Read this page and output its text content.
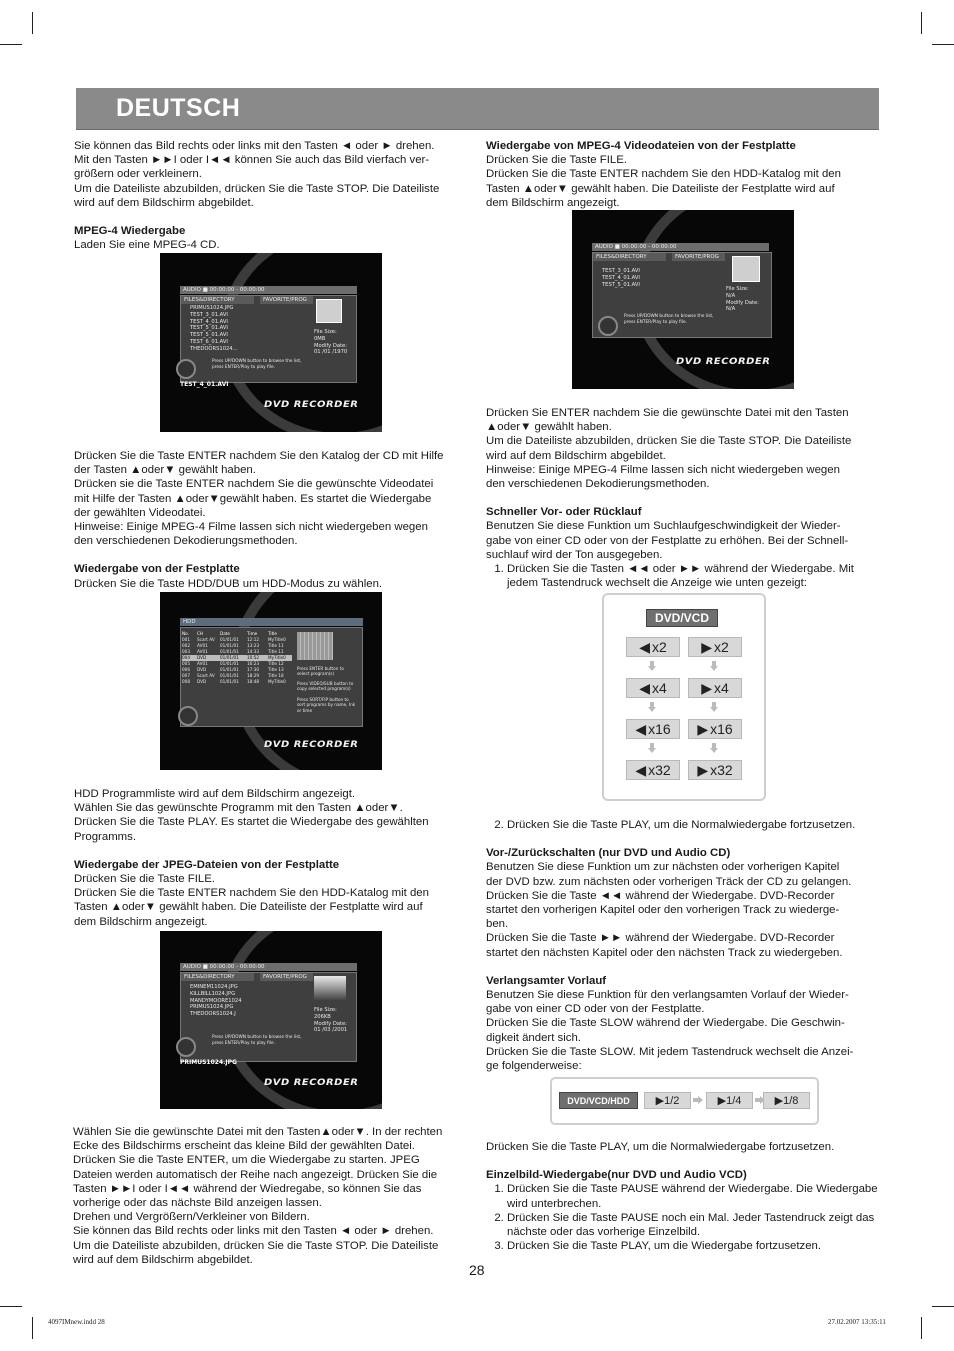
DEUTSCH

Sie können das Bild rechts oder links mit den Tasten ◄ oder ► drehen.

Mit den Tasten ►►I oder I◄◄ können Sie auch das Bild vierfach ver-

größern oder verkleinern.

Um die Dateiliste abzubilden, drücken Sie die Taste STOP. Die Dateiliste

wird auf dem Bildschirm abgebildet.

MPEG-4 Wiedergabe

Laden Sie eine MPEG-4 CD.

AUDIO ■ 00:00:00 - 00:00:00
FILES&DIRECTORY	FAVORITE/PROG
PRIMUS1024.JPG
TEST_3_01.AVI
TEST_4_01.AVI
TEST_5_01.AVI
TEST_5_01.AVI
TEST_6_01.AVI
THEDOORS1024...
File Size:
0MB
Modify Date:
01 /01 /1970
Press UP/DOWN button to browse the list, press ENTER/Play to play file.
TEST_4_01.AVI
DVD RECORDER

Drücken Sie die Taste ENTER nachdem Sie den Katalog der CD mit Hilfe

der Tasten ▲oder▼ gewählt haben.

Drücken sie die Taste ENTER nachdem Sie die gewünschte Videodatei

mit Hilfe der Tasten ▲oder▼gewählt haben. Es startet die Wiedergabe

der gewählten Videodatei.

Hinweise: Einige MPEG-4 Filme lassen sich nicht wiedergeben wegen

den verschiedenen Dekodierungsmethoden.

Wiedergabe von der Festplatte

Drücken Sie die Taste HDD/DUB um HDD-Modus zu wählen.

HDD
No.	CH	Date	Time	Title
001	Scart AV	01/01/01	12:12	MyTitle0
002	AV01	01/01/01	13:23	Title 11
003	AV01	01/01/01	14:33	Title 11
004	DVD	01/01/01	10:52	MyTitle0
005	AV01	01/01/01	16:23	Title 12
006	DVD	01/01/01	17:30	Title 13
007	Scart AV	01/01/01	18:29	Title 18
008	DVD	01/01/01	18:48	MyTitle0
Press ENTER button to select program(s)
Press VIDEO/SUB button to copy selected program(s)
Press SORT/FIP button to sort programs by name, Ink or time
DVD RECORDER

HDD Programmliste wird auf dem Bildschirm angezeigt.

Wählen Sie das gewünschte Programm mit den Tasten ▲oder▼.

Drücken Sie die Taste PLAY. Es startet die Wiedergabe des gewählten

Programms.

Wiedergabe der JPEG-Dateien von der Festplatte

Drücken Sie die Taste FILE.

Drücken Sie die Taste ENTER nachdem Sie den HDD-Katalog mit den

Tasten ▲oder▼ gewählt haben. Die Dateiliste der Festplatte wird auf

dem Bildschirm angezeigt.

AUDIO ■ 00:00:00 - 00:00:00
FILES&DIRECTORY	FAVORITE/PROG
EMINEM11024.JPG
KILLBILL1024.JPG
MANDYMOORE1024
PRIMUS1024.JPG
THEDOORS1024.J
File Size:
206KB
Modify Date:
01 /03 /2001
Press UP/DOWN button to browse the list, press ENTER/Play to play file.
PRIMUS1024.JPG
DVD RECORDER

Wählen Sie die gewünschte Datei mit den Tasten▲oder▼. In der rechten

Ecke des Bildschirms erscheint das kleine Bild der gewählten Datei.

Drücken Sie die Taste ENTER, um die Wiedergabe zu starten. JPEG

Dateien werden automatisch der Reihe nach angezeigt. Drücken Sie die

Tasten ►►I oder I◄◄ während der Wiedregabe, so können Sie das

vorherige oder das nächste Bild anzeigen lassen.

Drehen und Vergrößern/Verkleiner von Bildern.

Sie können das Bild rechts oder links mit den Tasten ◄ oder ► drehen.

Um die Dateiliste abzubilden, drücken Sie die Taste STOP. Die Dateiliste

wird auf dem Bildschirm abgebildet.

Wiedergabe von MPEG-4 Videodateien von der Festplatte

Drücken Sie die Taste FILE.

Drücken Sie die Taste ENTER nachdem Sie den HDD-Katalog mit den

Tasten ▲oder▼ gewählt haben. Die Dateiliste der Festplatte wird auf

dem Bildschirm angezeigt.

AUDIO ■ 00:00:00 - 00:00:00
FILES&DIRECTORY	FAVORITE/PROG
TEST_3_01.AVI
TEST_4_01.AVI
TEST_5_01.AVI
File Size:
N/A
Modify Date:
N/A
Press UP/DOWN button to browse the list, press ENTER/Play to play file.
DVD RECORDER

Drücken Sie ENTER nachdem Sie die gewünschte Datei mit den Tasten

▲oder▼ gewählt haben.

Um die Dateiliste abzubilden, drücken Sie die Taste STOP. Die Dateiliste

wird auf dem Bildschirm abgebildet.

Hinweise: Einige MPEG-4 Filme lassen sich nicht wiedergeben wegen

den verschiedenen Dekodierungsmethoden.

Schneller Vor- oder Rücklauf

Benutzen Sie diese Funktion um Suchlaufgeschwindigkeit der Wieder-

gabe von einer CD oder von der Festplatte zu erhöhen. Bei der Schnell-

suchlauf wird der Ton ausgegeben.

1. Drücken Sie die Tasten ◄◄ oder ►► während der Wiedergabe. Mit jedem Tastendruck wechselt die Anzeige wie unten gezeigt:
DVD/VCD
◀ x2 ▶ x2
◀ x4 ▶ x4
◀ x16 ▶ x16
◀ x32 ▶ x32
2. Drücken Sie die Taste PLAY, um die Normalwiedergabe fortzusetzen.

Vor-/Zurückschalten (nur DVD und Audio CD)

Benutzen Sie diese Funktion um zur nächsten oder vorherigen Kapitel

der DVD bzw. zum nächsten oder vorherigen Träck der CD zu gelangen.

Drücken Sie die Taste ◄◄ während der Wiedergabe. DVD-Recorder

startet den vorherigen Kapitel oder den vorherigen Track zu wiederge-

ben.

Drücken Sie die Taste ►► während der Wiedergabe. DVD-Recorder

startet den nächsten Kapitel oder den nächsten Track zu wiedergeben.

Verlangsamter Vorlauf

Benutzen Sie diese Funktion für den verlangsamten Vorlauf der Wieder-

gabe von einer CD oder von der Festplatte.

Drücken Sie die Taste SLOW während der Wiedergabe. Die Geschwin-

digkeit ändert sich.

Drücken Sie die Taste SLOW. Mit jedem Tastendruck wechselt die Anzei-

ge folgenderweise:

DVD/VCD/HDD	▶ 1/2	▶ 1/4	▶ 1/8

Drücken Sie die Taste PLAY, um die Normalwiedergabe fortzusetzen.

Einzelbild-Wiedergabe(nur DVD und Audio VCD)

1. Drücken Sie die Taste PAUSE während der Wiedergabe. Die Wiedergabe wird unterbrechen.
2. Drücken Sie die Taste PAUSE noch ein Mal. Jeder Tastendruck zeigt das nächste oder das vorherige Einzelbild.
3. Drücken Sie die Taste PLAY, um die Wiedergabe fortzusetzen.
28
4097IMnew.indd 28	27.02.2007 13:35:11
